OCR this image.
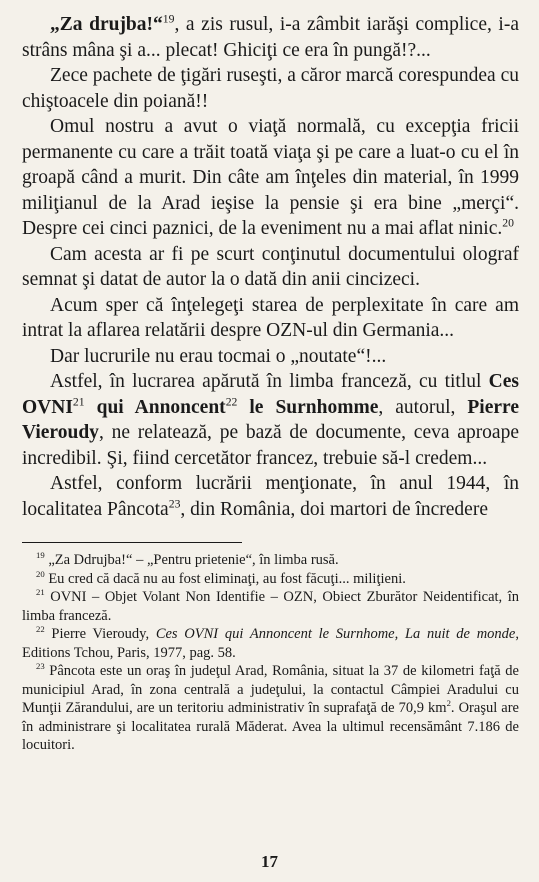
„Za drujba!“$^{19}$, a zis rusul, i-a zâmbit iarăşi complice, i-a strâns mâna şi a... plecat! Ghiciţi ce era în pungă!?...

Zece pachete de ţigări ruseşti, a căror marcă corespundea cu chiştoacele din poiană!!

Omul nostru a avut o viaţă normală, cu excepţia fricii permanente cu care a trăit toată viaţa şi pe care a luat-o cu el în groapă când a murit. Din câte am înţeles din material, în 1999 miliţianul de la Arad ieşise la pensie şi era bine „merçi“. Despre cei cinci paznici, de la eveniment nu a mai aflat ninic.$^{20}$

Cam acesta ar fi pe scurt conţinutul documentului olograf semnat şi datat de autor la o dată din anii cincizeci.

Acum sper că înţelegeţi starea de perplexitate în care am intrat la aflarea relatării despre OZN-ul din Germania...

Dar lucrurile nu erau tocmai o „noutate“!...

Astfel, în lucrarea apărută în limba franceză, cu titlul Ces OVNI$^{21}$ qui Annoncent$^{22}$ le Surnhomme, autorul, Pierre Vieroudy, ne relatează, pe bază de documente, ceva aproape incredibil. Şi, fiind cercetător francez, trebuie să-l credem...

Astfel, conform lucrării menţionate, în anul 1944, în localitatea Pâncota$^{23}$, din România, doi martori de încredere

$^{19}$ „Za Ddrujba!“ – „Pentru prietenie“, în limba rusă.

$^{20}$ Eu cred că dacă nu au fost eliminaţi, au fost făcuţi... miliţieni.

$^{21}$ OVNI – Objet Volant Non Identifie – OZN, Obiect Zburător Neidentificat, în limba franceză.

$^{22}$ Pierre Vieroudy, Ces OVNI qui Annoncent le Surnhome, La nuit de monde, Editions Tchou, Paris, 1977, pag. 58.

$^{23}$ Pâncota este un oraş în judeţul Arad, România, situat la 37 de kilometri faţă de municipiul Arad, în zona centrală a judeţului, la contactul Câmpiei Aradului cu Munţii Zărandului, are un teritoriu administrativ în suprafaţă de 70,9 $km^2$. Oraşul are în administrare şi localitatea rurală Măderat. Avea la ultimul recensământ 7.186 de locuitori.

17
